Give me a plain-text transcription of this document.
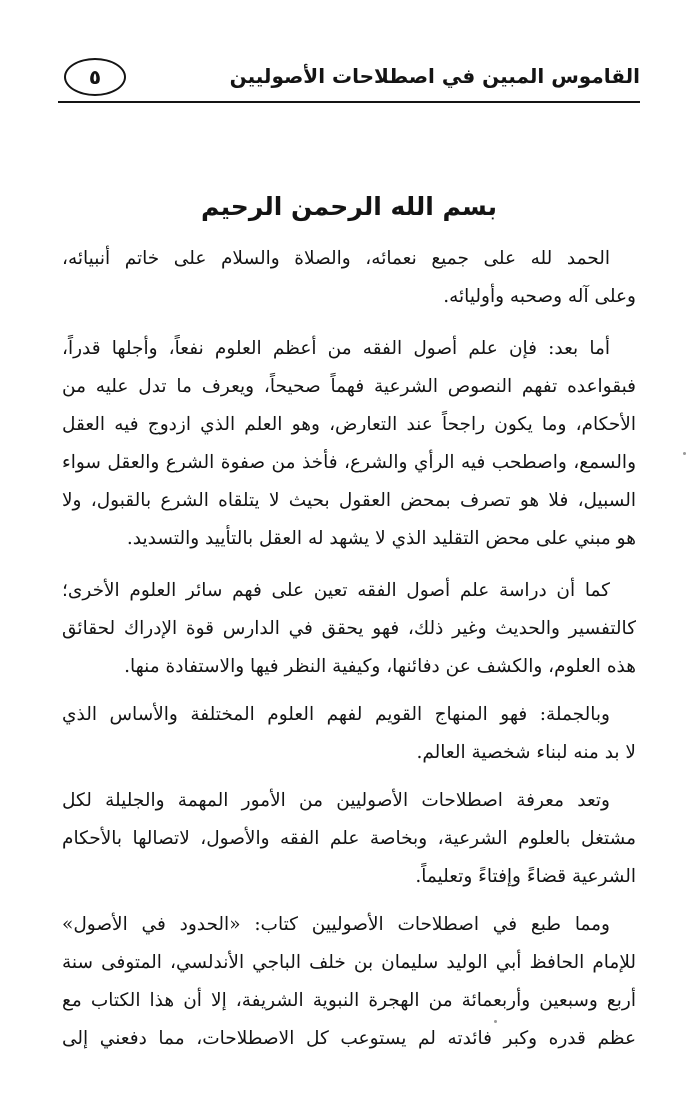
٥	القاموس المبين في اصطلاحات الأصوليين
بسم الله الرحمن الرحيم
الحمد لله على جميع نعمائه، والصلاة والسلام على خاتم أنبيائه،
وعلى آله وصحبه وأوليائه.
أما بعد: فإن علم أصول الفقه من أعظم العلوم نفعاً، وأجلها قدراً،
فبقواعده تفهم النصوص الشرعية فهماً صحيحاً، ويعرف ما تدل عليه من
الأحكام، وما يكون راجحاً عند التعارض، وهو العلم الذي ازدوج فيه العقل
والسمع، واصطحب فيه الرأي والشرع، فأخذ من صفوة الشرع والعقل سواء
السبيل، فلا هو تصرف بمحض العقول بحيث لا يتلقاه الشرع بالقبول، ولا
هو مبني على محض التقليد الذي لا يشهد له العقل بالتأييد والتسديد.
كما أن دراسة علم أصول الفقه تعين على فهم سائر العلوم الأخرى؛
كالتفسير والحديث وغير ذلك، فهو يحقق في الدارس قوة الإدراك لحقائق
هذه العلوم، والكشف عن دفائنها، وكيفية النظر فيها والاستفادة منها.
وبالجملة: فهو المنهاج القويم لفهم العلوم المختلفة والأساس الذي
لا بد منه لبناء شخصية العالم.
وتعد معرفة اصطلاحات الأصوليين من الأمور المهمة والجليلة لكل
مشتغل بالعلوم الشرعية، وبخاصة علم الفقه والأصول، لاتصالها بالأحكام
الشرعية قضاءً وإفتاءً وتعليماً.
ومما طبع في اصطلاحات الأصوليين كتاب: «الحدود في الأصول»
للإمام الحافظ أبي الوليد سليمان بن خلف الباجي الأندلسي، المتوفى سنة
أربع وسبعين وأربعمائة من الهجرة النبوية الشريفة، إلا أن هذا الكتاب مع
عظم قدره وكبر فائدته لم يستوعب كل الاصطلاحات، مما دفعني إلى
